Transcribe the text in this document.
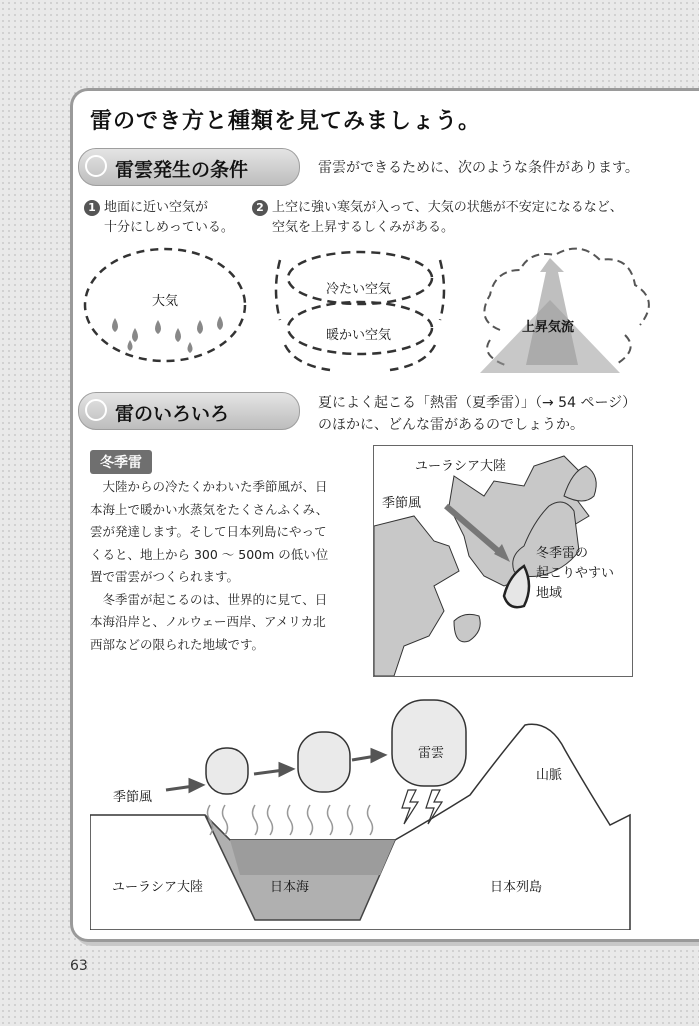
雷のでき方と種類を見てみましょう。
雷雲発生の条件	雷雲ができるために、次のような条件があります。
1 地面に近い空気が
十分にしめっている。
2 上空に強い寒気が入って、大気の状態が不安定になるなど、
空気を上昇するしくみがある。
大気
冷たい空気
暖かい空気
上昇気流
雷のいろいろ	夏によく起こる「熱雷（夏季雷）」（→ 54 ページ）
のほかに、どんな雷があるのでしょうか。
冬季雷

大陸からの冷たくかわいた季節風が、日本海上で暖かい水蒸気をたくさんふくみ、雲が発達します。そして日本列島にやってくると、地上から 300 ～ 500m の低い位置で雷雲がつくられます。

冬季雷が起こるのは、世界的に見て、日本海沿岸と、ノルウェー西岸、アメリカ北西部などの限られた地域です。

ユーラシア大陸
季節風
冬季雷の
起こりやすい
地域
季節風
雷雲
山脈
ユーラシア大陸	日本海	日本列島
63
